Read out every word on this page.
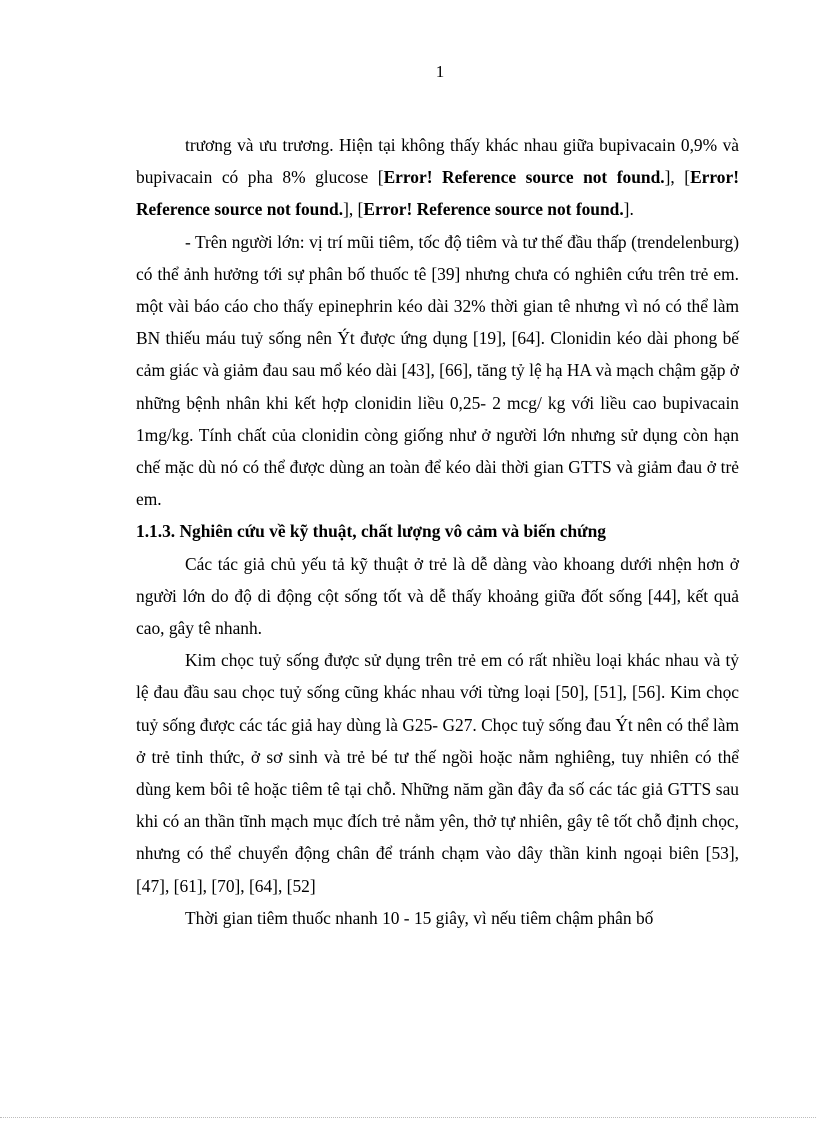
1

trương và ưu trương. Hiện tại không thấy khác nhau giữa bupivacain 0,9% và bupivacain có pha 8% glucose [Error! Reference source not found.], [Error! Reference source not found.], [Error! Reference source not found.].

- Trên người lớn: vị trí mũi tiêm, tốc độ tiêm và tư thế đầu thấp (trendelenburg) có thể ảnh hưởng tới sự phân bố thuốc tê [39] nhưng chưa có nghiên cứu trên trẻ em. một vài báo cáo cho thấy epinephrin kéo dài 32% thời gian tê nhưng vì nó có thể làm BN thiếu máu tuỷ sống nên Ýt được ứng dụng [19], [64]. Clonidin kéo dài phong bế cảm giác và giảm đau sau mổ kéo dài [43], [66], tăng tỷ lệ hạ HA và mạch chậm gặp ở những bệnh nhân khi kết hợp clonidin liều 0,25- 2 mcg/ kg với liều cao bupivacain 1mg/kg. Tính chất của clonidin còng giống như ở người lớn nhưng sử dụng còn hạn chế mặc dù nó có thể được dùng an toàn để kéo dài thời gian GTTS và giảm đau ở trẻ em.

1.1.3. Nghiên cứu về kỹ thuật, chất lượng vô cảm và biến chứng

Các tác giả chủ yếu tả kỹ thuật ở trẻ là dễ dàng vào khoang dưới nhện hơn ở người lớn do độ di động cột sống tốt và dễ thấy khoảng giữa đốt sống [44], kết quả cao, gây tê nhanh.

Kim chọc tuỷ sống được sử dụng trên trẻ em có rất nhiều loại khác nhau và tỷ lệ đau đầu sau chọc tuỷ sống cũng khác nhau với từng loại [50], [51], [56]. Kim chọc tuỷ sống được các tác giả hay dùng là G25- G27. Chọc tuỷ sống đau Ýt nên có thể làm ở trẻ tỉnh thức, ở sơ sinh và trẻ bé tư thế ngồi hoặc nằm nghiêng, tuy nhiên có thể dùng kem bôi tê hoặc tiêm tê tại chỗ. Những năm gần đây đa số các tác giả GTTS sau khi có an thần tĩnh mạch mục đích trẻ nằm yên, thở tự nhiên, gây tê tốt chỗ định chọc, nhưng có thể chuyển động chân để tránh chạm vào dây thần kinh ngoại biên [53], [47], [61], [70], [64], [52]

Thời gian tiêm thuốc nhanh 10 - 15 giây, vì nếu tiêm chậm phân bố
